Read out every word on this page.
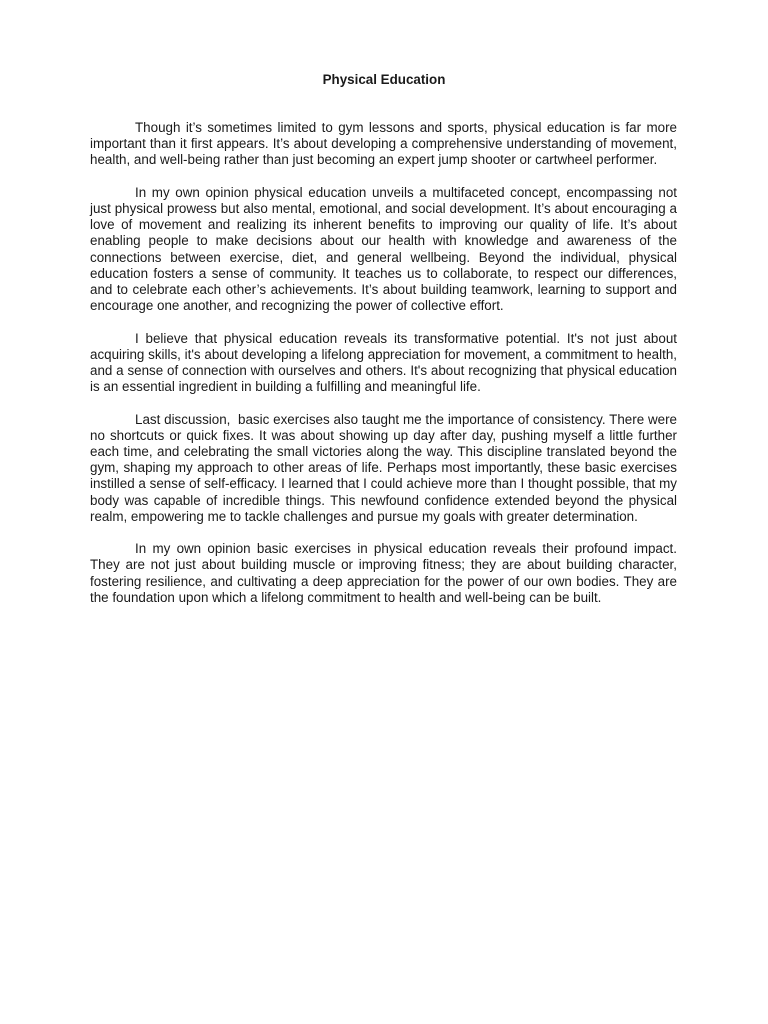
Physical Education

Though it’s sometimes limited to gym lessons and sports, physical education is far more important than it first appears. It’s about developing a comprehensive understanding of movement, health, and well-being rather than just becoming an expert jump shooter or cartwheel performer.

In my own opinion physical education unveils a multifaceted concept, encompassing not just physical prowess but also mental, emotional, and social development. It’s about encouraging a love of movement and realizing its inherent benefits to improving our quality of life. It’s about enabling people to make decisions about our health with knowledge and awareness of the connections between exercise, diet, and general wellbeing. Beyond the individual, physical education fosters a sense of community. It teaches us to collaborate, to respect our differences, and to celebrate each other’s achievements. It’s about building teamwork, learning to support and encourage one another, and recognizing the power of collective effort.

I believe that physical education reveals its transformative potential. It's not just about acquiring skills, it's about developing a lifelong appreciation for movement, a commitment to health, and a sense of connection with ourselves and others. It's about recognizing that physical education is an essential ingredient in building a fulfilling and meaningful life.

Last discussion,  basic exercises also taught me the importance of consistency. There were no shortcuts or quick fixes. It was about showing up day after day, pushing myself a little further each time, and celebrating the small victories along the way. This discipline translated beyond the gym, shaping my approach to other areas of life. Perhaps most importantly, these basic exercises instilled a sense of self-efficacy. I learned that I could achieve more than I thought possible, that my body was capable of incredible things. This newfound confidence extended beyond the physical realm, empowering me to tackle challenges and pursue my goals with greater determination.

In my own opinion basic exercises in physical education reveals their profound impact. They are not just about building muscle or improving fitness; they are about building character, fostering resilience, and cultivating a deep appreciation for the power of our own bodies. They are the foundation upon which a lifelong commitment to health and well-being can be built.
